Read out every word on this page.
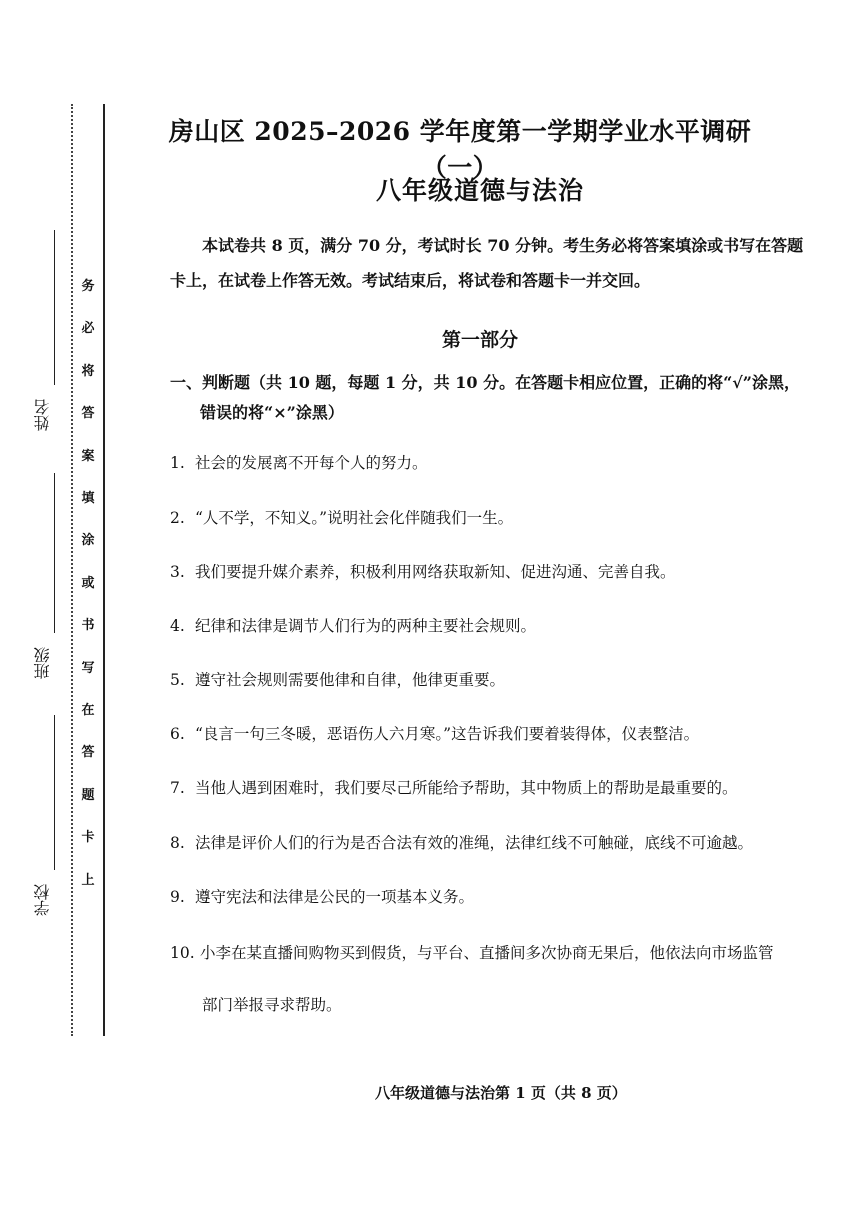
务
必
将
答
案
填
涂
或
书
写
在
答
题
卡
上
姓名
班级
学校
房山区 2025–2026 学年度第一学期学业水平调研（一）
八年级道德与法治
本试卷共 8 页，满分 70 分，考试时长 70 分钟。考生务必将答案填涂或书写在答题卡上，在试卷上作答无效。考试结束后，将试卷和答题卡一并交回。
第一部分
一、判断题（共 10 题，每题 1 分，共 10 分。在答题卡相应位置，正确的将“√”涂黑，
错误的将“×”涂黑）
1. 社会的发展离不开每个人的努力。
2. “人不学，不知义。”说明社会化伴随我们一生。
3. 我们要提升媒介素养，积极利用网络获取新知、促进沟通、完善自我。
4. 纪律和法律是调节人们行为的两种主要社会规则。
5. 遵守社会规则需要他律和自律，他律更重要。
6. “良言一句三冬暖，恶语伤人六月寒。”这告诉我们要着装得体，仪表整洁。
7. 当他人遇到困难时，我们要尽己所能给予帮助，其中物质上的帮助是最重要的。
8. 法律是评价人们的行为是否合法有效的准绳，法律红线不可触碰，底线不可逾越。
9. 遵守宪法和法律是公民的一项基本义务。
10. 小李在某直播间购物买到假货，与平台、直播间多次协商无果后，他依法向市场监管
部门举报寻求帮助。
八年级道德与法治第 1 页（共 8 页）
